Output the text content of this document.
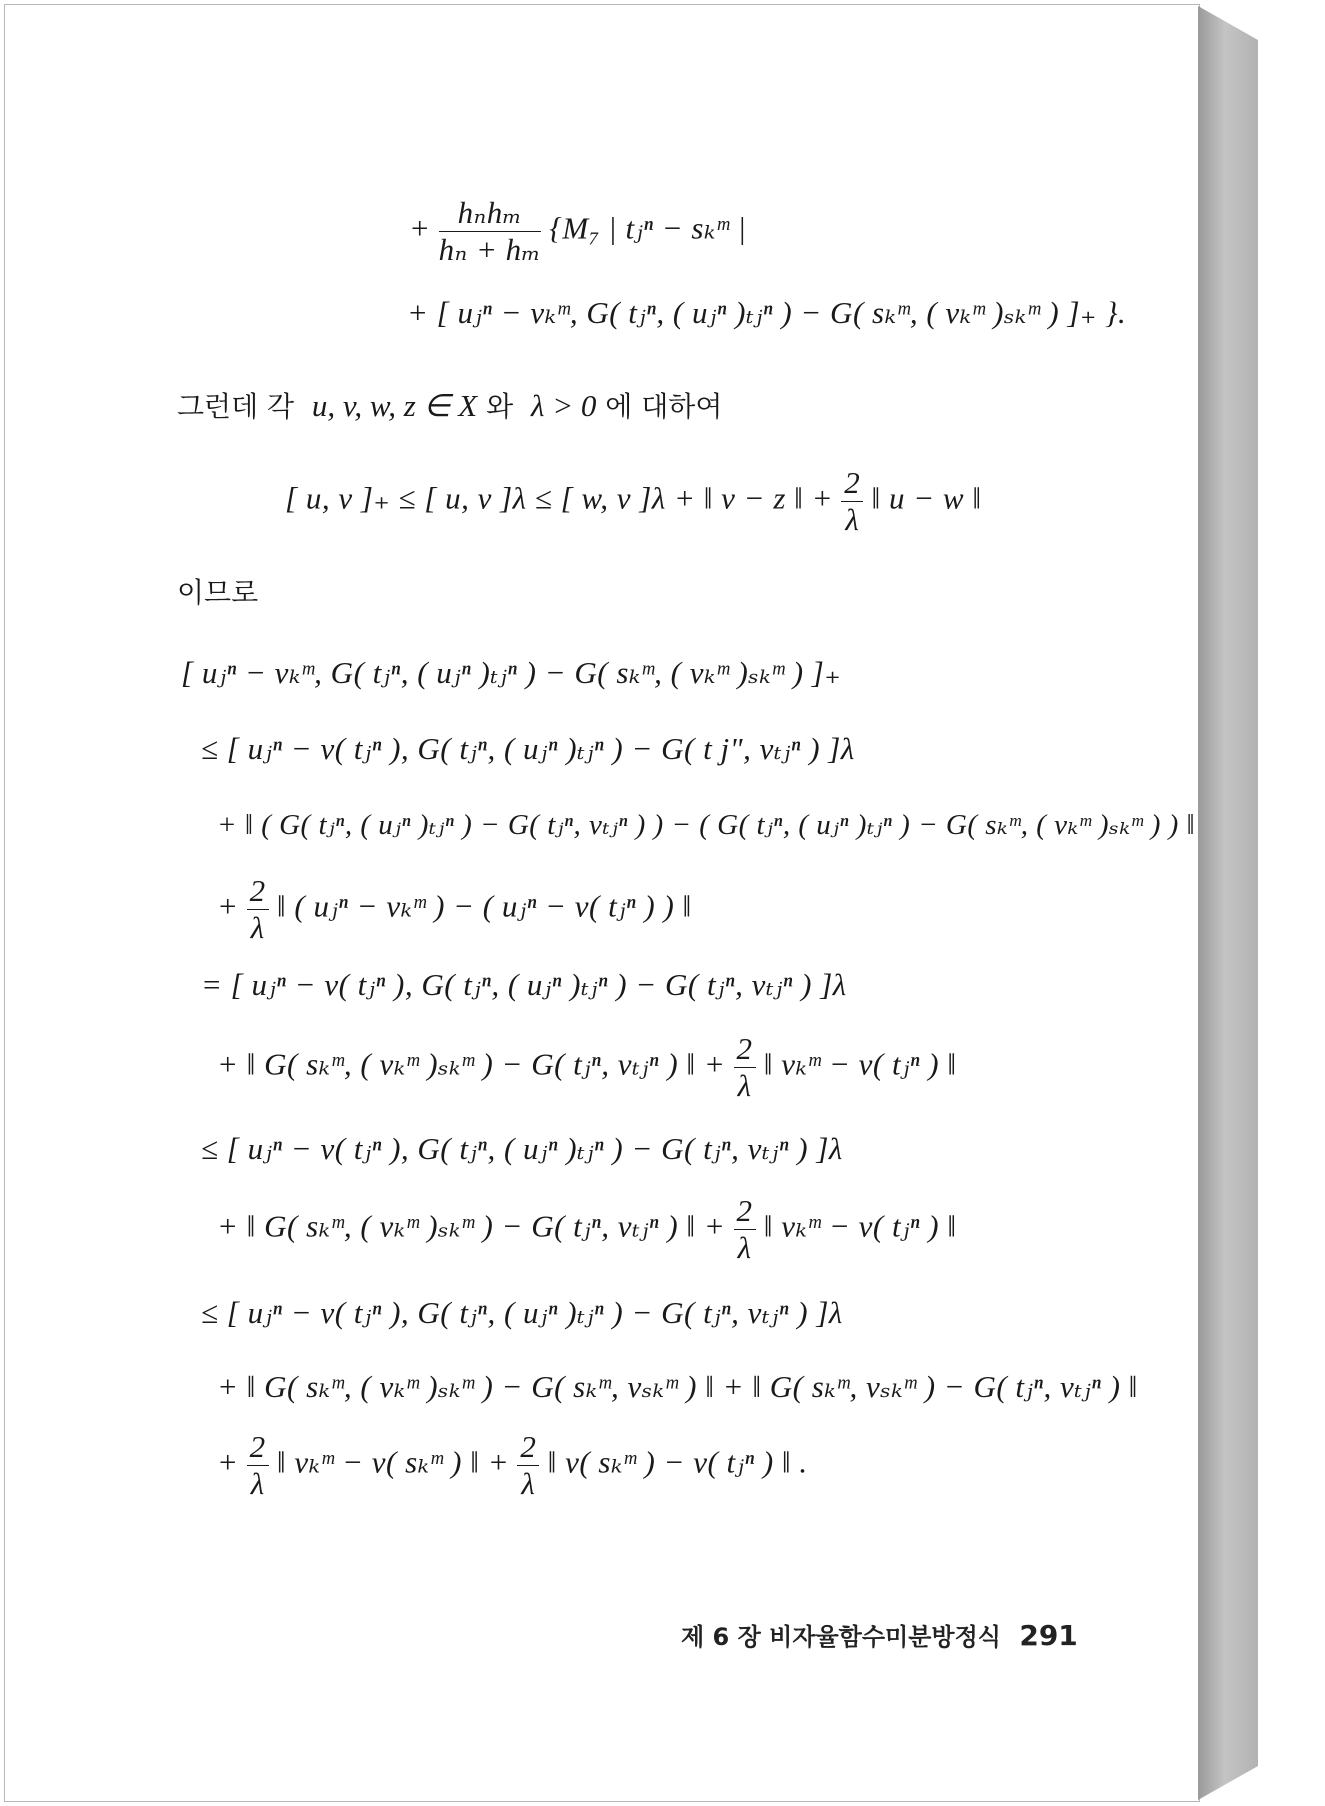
+ $\frac{\text{hₙhₘ}}{\text{hₙ + hₘ}} \{M_7$ | tⱼⁿ − sₖᵐ |
+ [ uⱼⁿ − vₖᵐ, G( tⱼⁿ, ( uⱼⁿ )ₜⱼⁿ ) − G( sₖᵐ, ( vₖᵐ )ₛₖᵐ ) ]₊ }.
그런데 각 u, v, w, z ∈ X 와 λ > 0 에 대하여
[ u, v ]₊ ≤ [ u, v ]λ ≤ [ w, v ]λ + ‖ v − z ‖ + $\frac{2}{\lambda}$ ‖ u − w ‖
이므로
[ uⱼⁿ − vₖᵐ, G( tⱼⁿ, ( uⱼⁿ )ₜⱼⁿ ) − G( sₖᵐ, ( vₖᵐ )ₛₖᵐ ) ]₊
≤ [ uⱼⁿ − v( tⱼⁿ ), G( tⱼⁿ, ( uⱼⁿ )ₜⱼⁿ ) − G( t j", vₜⱼⁿ ) ]λ
+ ‖ ( G( tⱼⁿ, ( uⱼⁿ )ₜⱼⁿ ) − G( tⱼⁿ, vₜⱼⁿ ) ) − ( G( tⱼⁿ, ( uⱼⁿ )ₜⱼⁿ ) − G( sₖᵐ, ( vₖᵐ )ₛₖᵐ ) ) ‖
+ $\frac{2}{\lambda}$ ‖ ( uⱼⁿ − vₖᵐ ) − ( uⱼⁿ − v( tⱼⁿ ) ) ‖
= [ uⱼⁿ − v( tⱼⁿ ), G( tⱼⁿ, ( uⱼⁿ )ₜⱼⁿ ) − G( tⱼⁿ, vₜⱼⁿ ) ]λ
+ ‖ G( sₖᵐ, ( vₖᵐ )ₛₖᵐ ) − G( tⱼⁿ, vₜⱼⁿ ) ‖ + $\frac{2}{\lambda}$ ‖ vₖᵐ − v( tⱼⁿ ) ‖
≤ [ uⱼⁿ − v( tⱼⁿ ), G( tⱼⁿ, ( uⱼⁿ )ₜⱼⁿ ) − G( tⱼⁿ, vₜⱼⁿ ) ]λ
+ ‖ G( sₖᵐ, ( vₖᵐ )ₛₖᵐ ) − G( tⱼⁿ, vₜⱼⁿ ) ‖ + $\frac{2}{\lambda}$ ‖ vₖᵐ − v( tⱼⁿ ) ‖
≤ [ uⱼⁿ − v( tⱼⁿ ), G( tⱼⁿ, ( uⱼⁿ )ₜⱼⁿ ) − G( tⱼⁿ, vₜⱼⁿ ) ]λ
+ ‖ G( sₖᵐ, ( vₖᵐ )ₛₖᵐ ) − G( sₖᵐ, vₛₖᵐ ) ‖ + ‖ G( sₖᵐ, vₛₖᵐ ) − G( tⱼⁿ, vₜⱼⁿ ) ‖
+ $\frac{2}{\lambda}$ ‖ vₖᵐ − v( sₖᵐ ) ‖ + $\frac{2}{\lambda}$ ‖ v( sₖᵐ ) − v( tⱼⁿ ) ‖ .
제 6 장 비자율함수미분방정식 291
